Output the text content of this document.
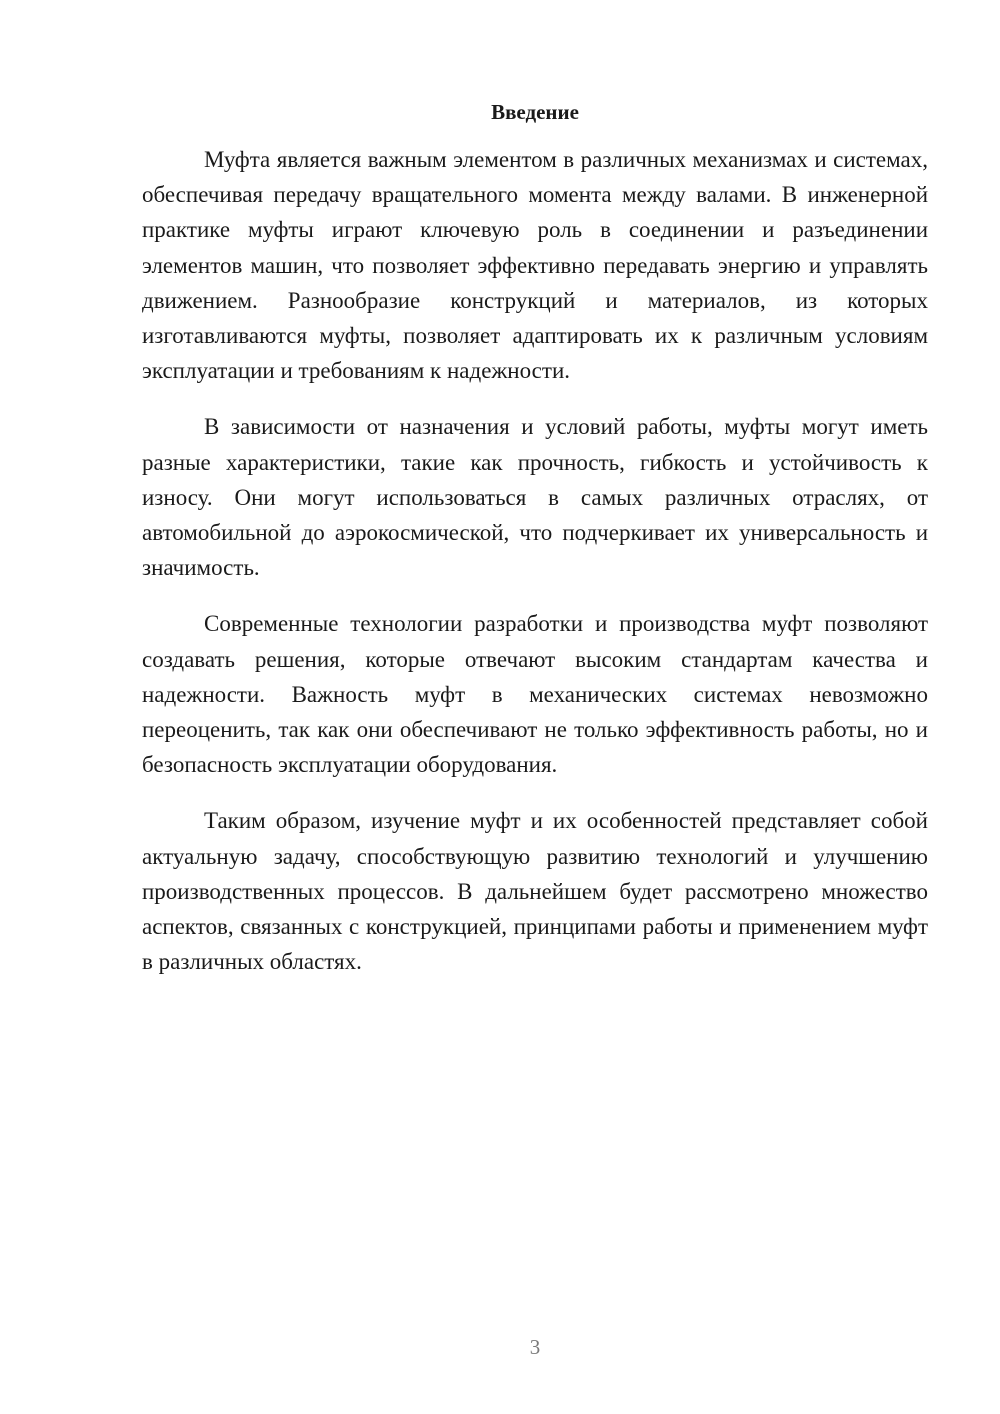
Введение

Муфта является важным элементом в различных механизмах и системах, обеспечивая передачу вращательного момента между валами. В инженерной практике муфты играют ключевую роль в соединении и разъединении элементов машин, что позволяет эффективно передавать энергию и управлять движением. Разнообразие конструкций и материалов, из которых изготавливаются муфты, позволяет адаптировать их к различным условиям эксплуатации и требованиям к надежности.

В зависимости от назначения и условий работы, муфты могут иметь разные характеристики, такие как прочность, гибкость и устойчивость к износу. Они могут использоваться в самых различных отраслях, от автомобильной до аэрокосмической, что подчеркивает их универсальность и значимость.

Современные технологии разработки и производства муфт позволяют создавать решения, которые отвечают высоким стандартам качества и надежности. Важность муфт в механических системах невозможно переоценить, так как они обеспечивают не только эффективность работы, но и безопасность эксплуатации оборудования.

Таким образом, изучение муфт и их особенностей представляет собой актуальную задачу, способствующую развитию технологий и улучшению производственных процессов. В дальнейшем будет рассмотрено множество аспектов, связанных с конструкцией, принципами работы и применением муфт в различных областях.

3
